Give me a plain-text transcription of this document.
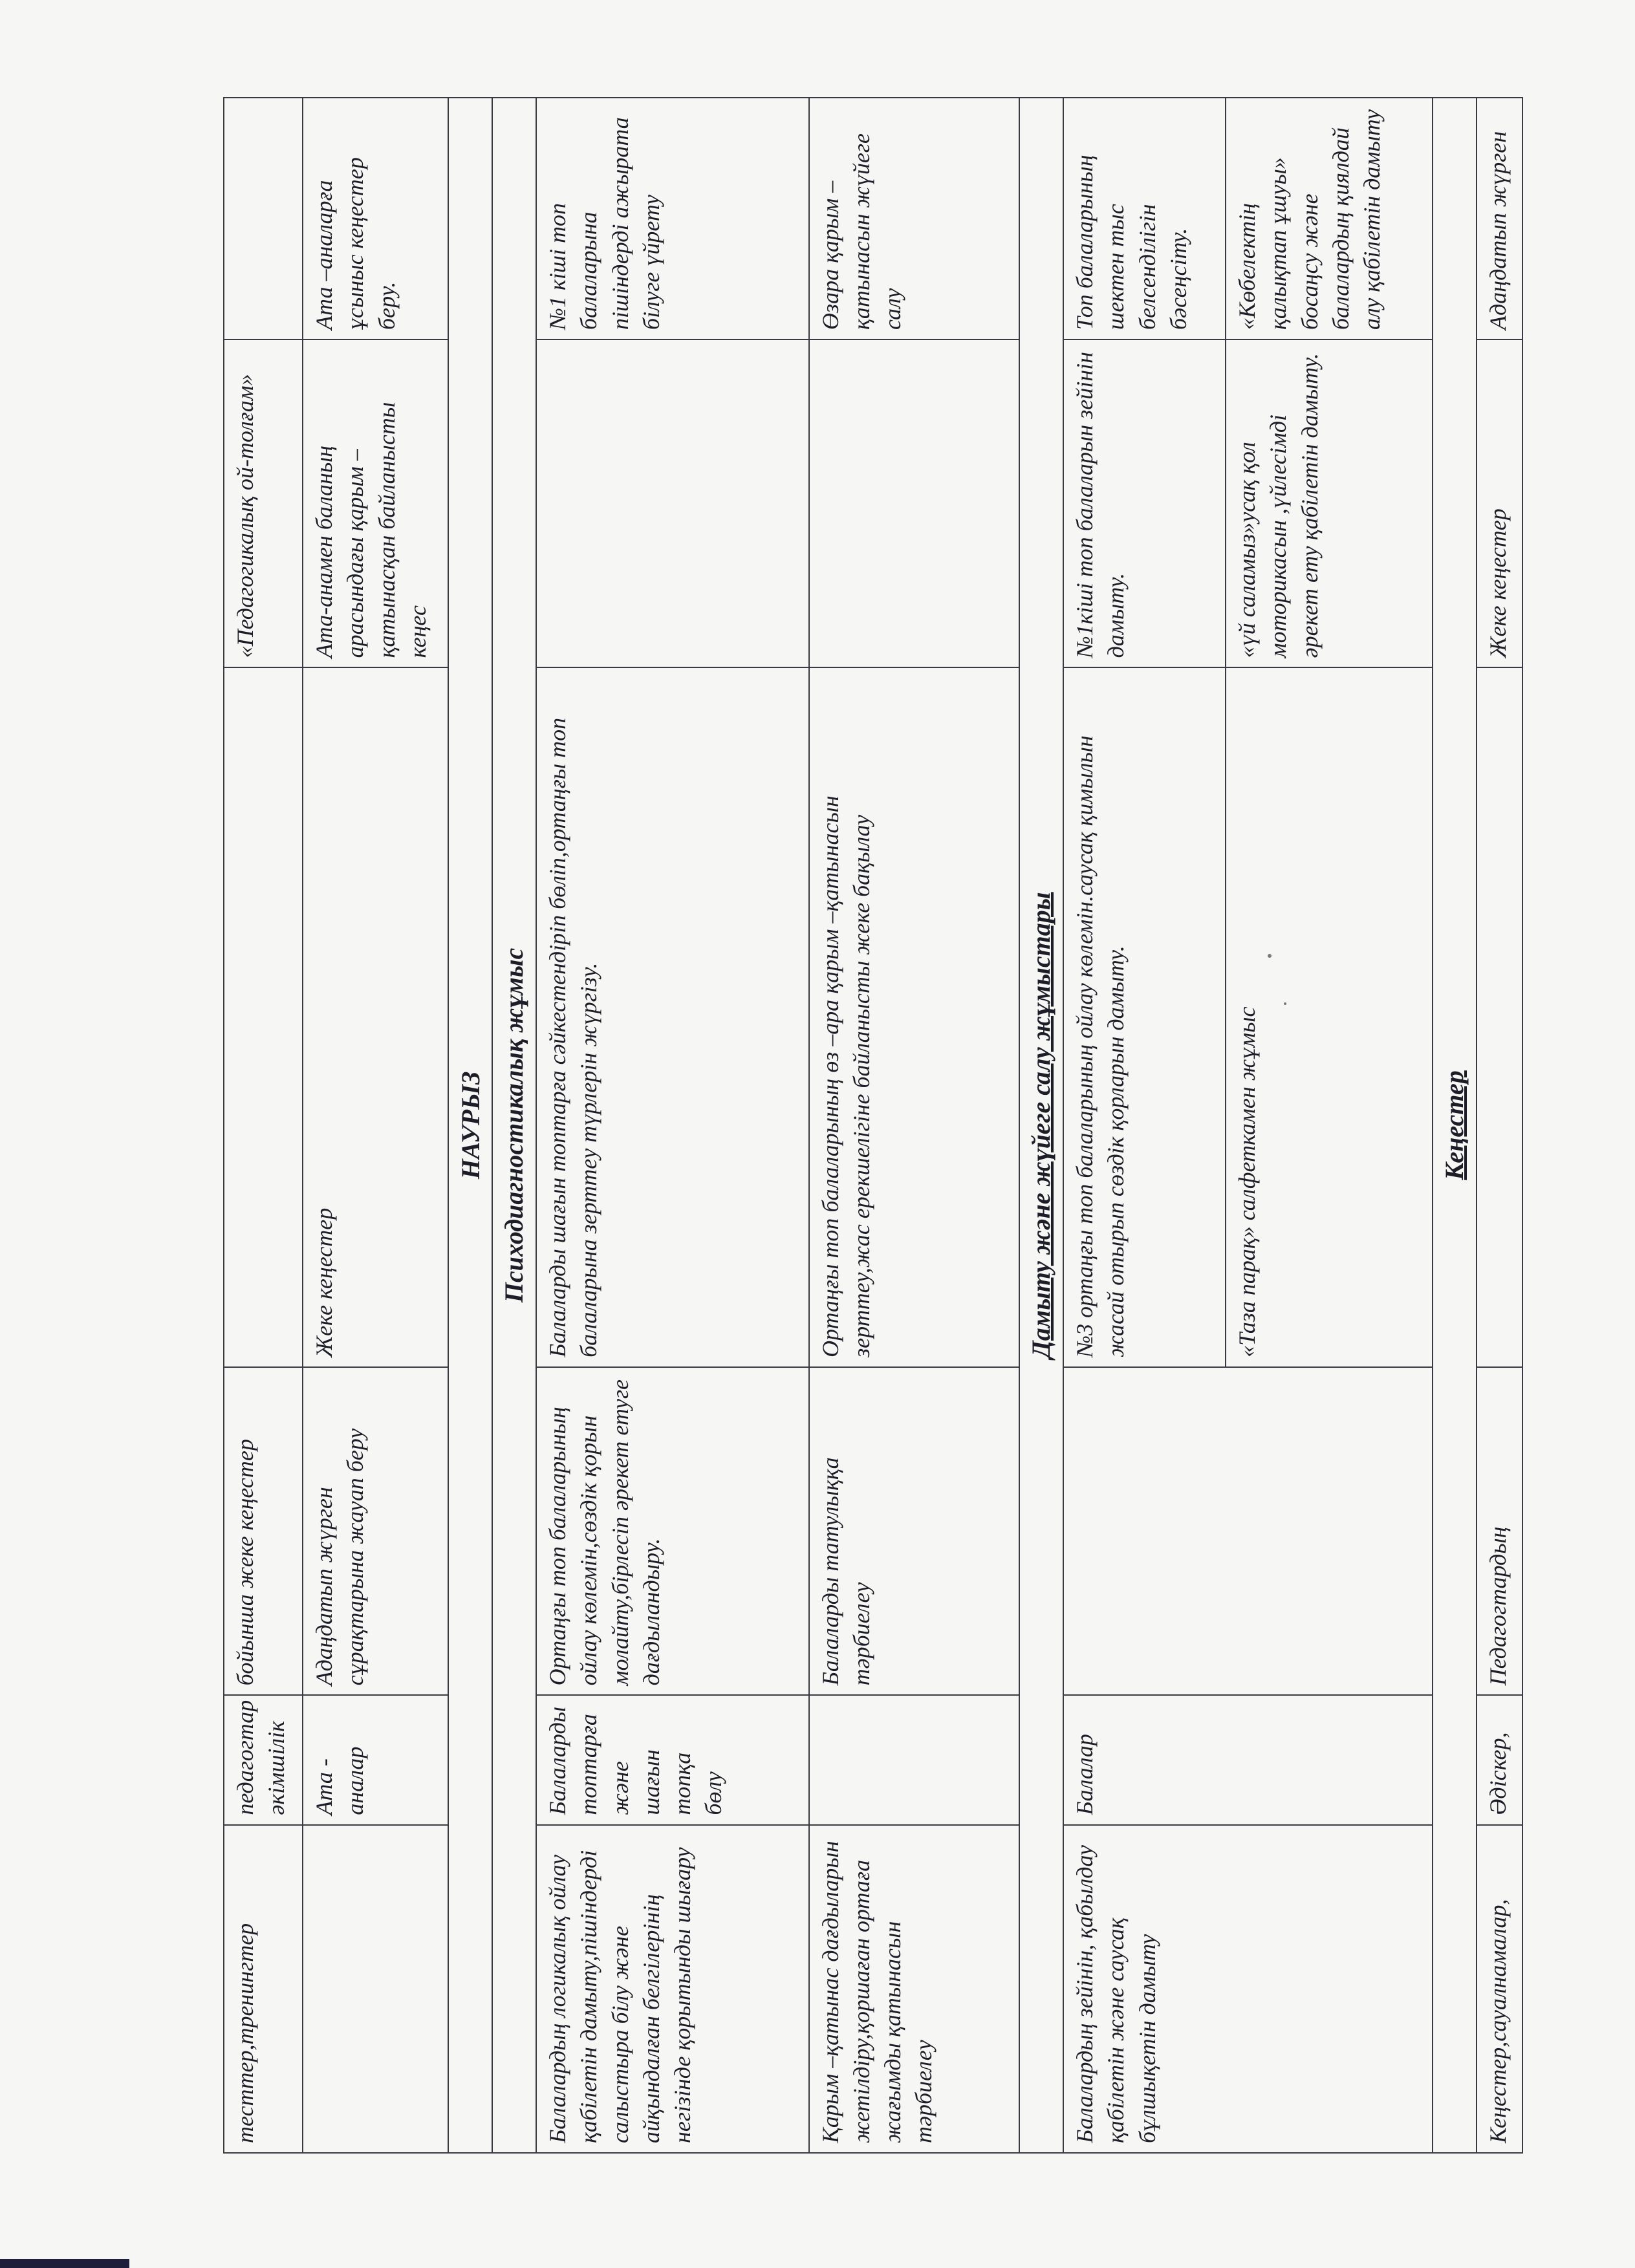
тесттер,тренингтер	педагогтар әкімшілік	бойынша жеке кеңестер		«Педагогикалық ой-толғам»	
	Ата - аналар	Адаңдатып жүрген сұрақтарына жауап беру	Жеке кеңестер	Ата-анамен баланың арасындағы қарым – қатынасқан байланысты кеңес	Ата –аналарға ұсыныс кеңестер беру.
НАУРЫЗ					
Психодиагностикалық жұмыс					
Балалардың логикалық ойлау қабілетін дамыту,пішіндерді салыстыра білу және айқындалған белгілерінің негізінде қорытынды шығару	Балаларды топтарға және шағын топқа бөлу	Ортаңғы топ балаларының ойлау көлемін,сөздік қорын молайту,бірлесіп әрекет етуге дағдыландыру.	Балаларды шағын топтарға сәйкестендіріп бөліп,ортаңғы топ балаларына зерттеу түрлерін жүргізу.		№1 кіші топ балаларына пішіндерді ажырата білуге үйрету
Қарым –қатынас дағдыларын жетілдіру,қоршаған ортаға жағымды қатынасын тәрбиелеу		Балаларды татулыққа тәрбиелеу	Ортаңғы топ балаларының өз –ара қарым –қатынасын зерттеу,жас ерекшелігіне байланысты жеке бақылау		Өзара қарым – қатынасын жүйеге салу
Дамыту және жүйеге салу жұмыстары					
Балалардың зейінін, қабылдау қабілетін және саусақ бұлшықетін дамыту	Балалар		№3 ортаңғы топ балаларының ойлау көлемін.саусақ қимылын жасай отырып сөздік қорларын дамыту.	№1кіші топ балаларын зейінін дамыту.	Топ балаларының шектен тыс белсенділігін бәсеңсіту.
			«Таза парақ» салфеткамен жұмыс	«үй саламыз»усақ қол моторикасын ,үйлесімді әрекет ету қабілетін дамыту.	«Көбелектің қалықтап ұшуы» босаңсу және балалардың қиялдай алу қабілетін дамыту
Кеңестер					
Кеңестер,сауалнамалар,	Әдіскер,	Педагогтардың		Жеке кеңестер	Адаңдатып жүрген
